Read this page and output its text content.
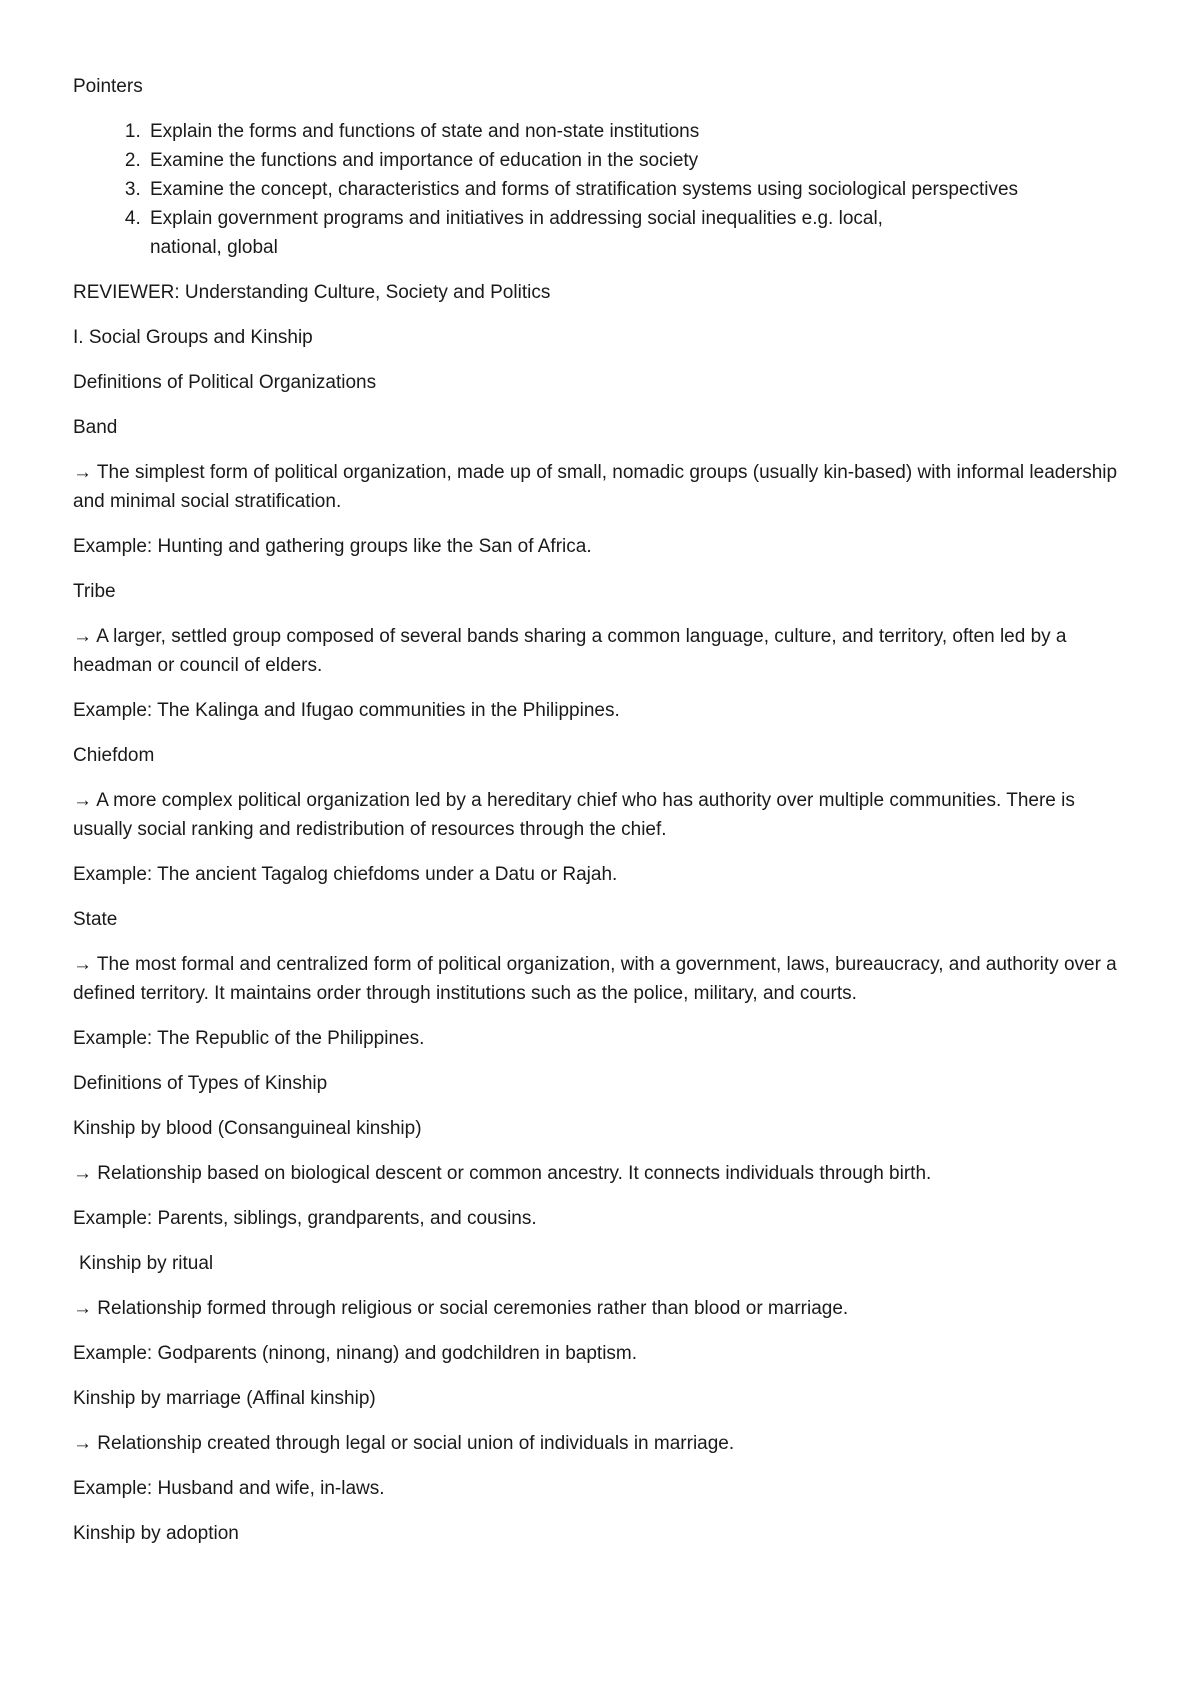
Pointers

1. Explain the forms and functions of state and non-state institutions
2. Examine the functions and importance of education in the society
3. Examine the concept, characteristics and forms of stratification systems using sociological perspectives
4. Explain government programs and initiatives in addressing social inequalities e.g. local,
national, global

REVIEWER: Understanding Culture, Society and Politics

I. Social Groups and Kinship

Definitions of Political Organizations

Band

→ The simplest form of political organization, made up of small, nomadic groups (usually kin-based) with informal leadership and minimal social stratification.

Example: Hunting and gathering groups like the San of Africa.

Tribe

→ A larger, settled group composed of several bands sharing a common language, culture, and territory, often led by a headman or council of elders.

Example: The Kalinga and Ifugao communities in the Philippines.

Chiefdom

→ A more complex political organization led by a hereditary chief who has authority over multiple communities. There is usually social ranking and redistribution of resources through the chief.

Example: The ancient Tagalog chiefdoms under a Datu or Rajah.

State

→ The most formal and centralized form of political organization, with a government, laws, bureaucracy, and authority over a defined territory. It maintains order through institutions such as the police, military, and courts.

Example: The Republic of the Philippines.

Definitions of Types of Kinship

Kinship by blood (Consanguineal kinship)

→ Relationship based on biological descent or common ancestry. It connects individuals through birth.

Example: Parents, siblings, grandparents, and cousins.

Kinship by ritual

→ Relationship formed through religious or social ceremonies rather than blood or marriage.

Example: Godparents (ninong, ninang) and godchildren in baptism.

Kinship by marriage (Affinal kinship)

→ Relationship created through legal or social union of individuals in marriage.

Example: Husband and wife, in-laws.

Kinship by adoption
